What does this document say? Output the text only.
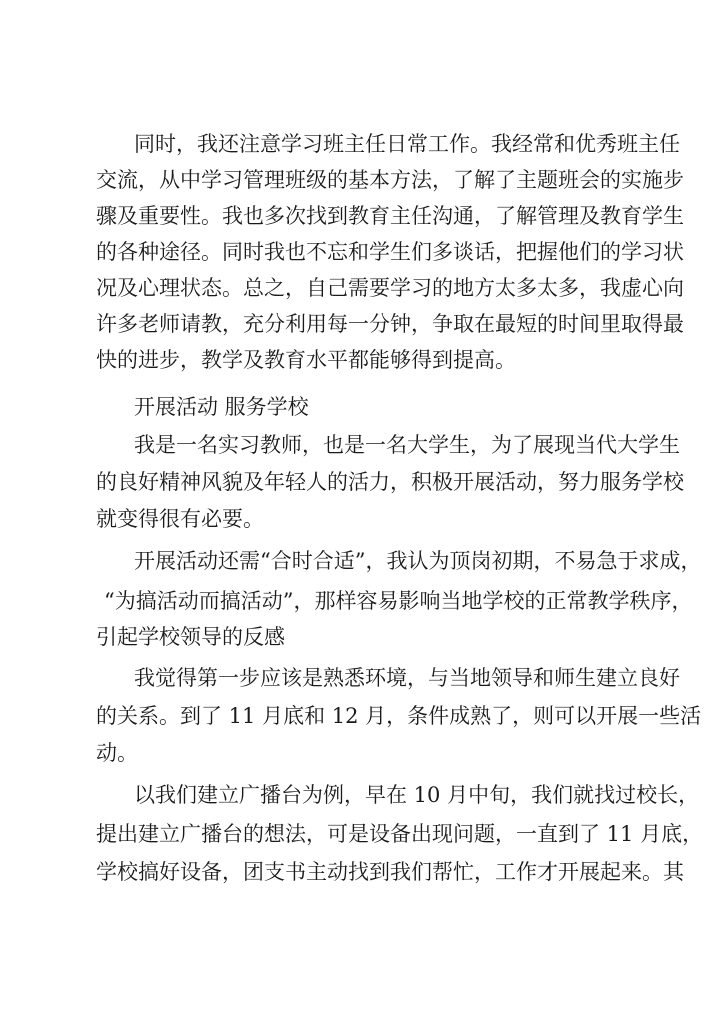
同时，我还注意学习班主任日常工作。我经常和优秀班主任
交流，从中学习管理班级的基本方法，了解了主题班会的实施步
骤及重要性。我也多次找到教育主任沟通，了解管理及教育学生
的各种途径。同时我也不忘和学生们多谈话，把握他们的学习状
况及心理状态。总之，自己需要学习的地方太多太多，我虚心向
许多老师请教，充分利用每一分钟，争取在最短的时间里取得最
快的进步，教学及教育水平都能够得到提高。
开展活动 服务学校
我是一名实习教师，也是一名大学生，为了展现当代大学生
的良好精神风貌及年轻人的活力，积极开展活动，努力服务学校
就变得很有必要。
开展活动还需“合时合适”，我认为顶岗初期，不易急于求成，
“为搞活动而搞活动”，那样容易影响当地学校的正常教学秩序，
引起学校领导的反感
我觉得第一步应该是熟悉环境，与当地领导和师生建立良好
的关系。到了 11 月底和 12 月，条件成熟了，则可以开展一些活
动。
以我们建立广播台为例，早在 10 月中旬，我们就找过校长，
提出建立广播台的想法，可是设备出现问题，一直到了 11 月底，
学校搞好设备，团支书主动找到我们帮忙，工作才开展起来。其
